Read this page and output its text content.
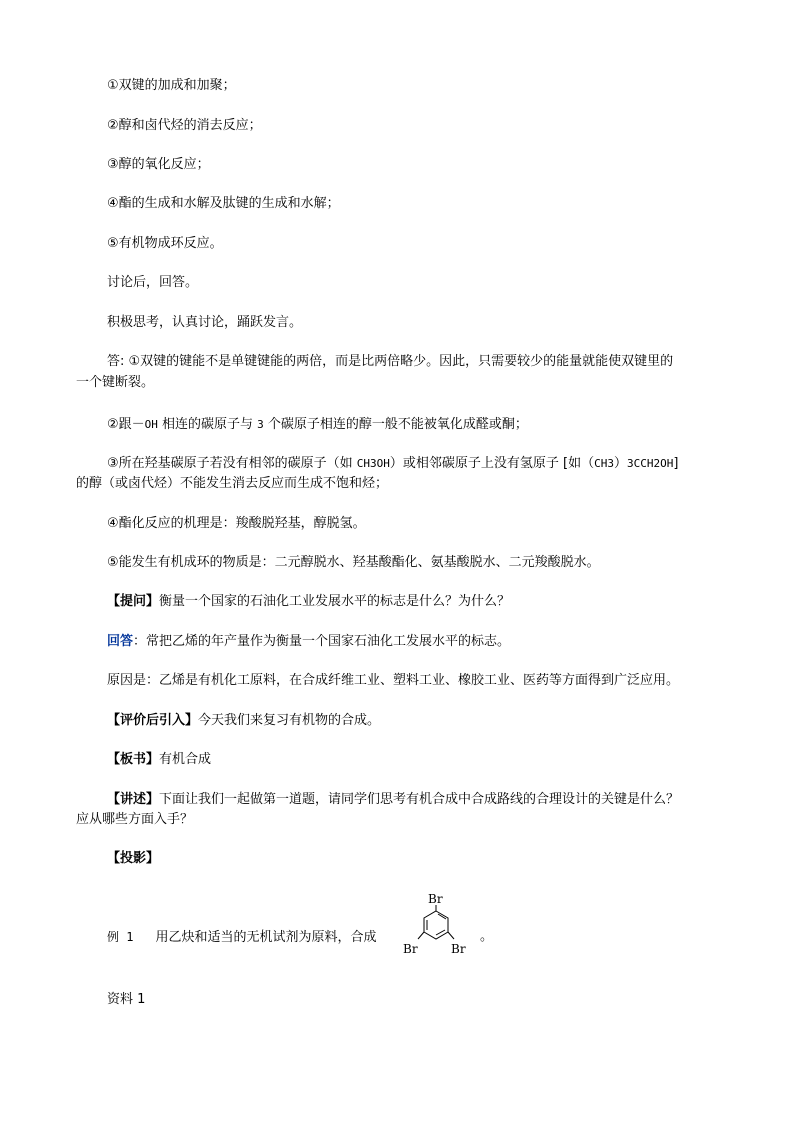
①双键的加成和加聚；
②醇和卤代烃的消去反应；
③醇的氧化反应；
④酯的生成和水解及肽键的生成和水解；
⑤有机物成环反应。
讨论后，回答。
积极思考，认真讨论，踊跃发言。
答: ①双键的键能不是单键键能的两倍，而是比两倍略少。因此，只需要较少的能量就能使双键里的
一个键断裂。
②跟－OH 相连的碳原子与 3 个碳原子相连的醇一般不能被氧化成醛或酮；
③所在羟基碳原子若没有相邻的碳原子（如 CH3OH）或相邻碳原子上没有氢原子 [如（CH3）3CCH2OH]
的醇（或卤代烃）不能发生消去反应而生成不饱和烃；
④酯化反应的机理是：羧酸脱羟基，醇脱氢。
⑤能发生有机成环的物质是：二元醇脱水、羟基酸酯化、氨基酸脱水、二元羧酸脱水。
【提问】衡量一个国家的石油化工业发展水平的标志是什么？为什么？
回答：常把乙烯的年产量作为衡量一个国家石油化工发展水平的标志。
原因是：乙烯是有机化工原料，在合成纤维工业、塑料工业、橡胶工业、医药等方面得到广泛应用。
【评价后引入】今天我们来复习有机物的合成。
【板书】有机合成
【讲述】下面让我们一起做第一道题，请同学们思考有机合成中合成路线的合理设计的关键是什么？
应从哪些方面入手？
【投影】
例 1 用乙炔和适当的无机试剂为原料，合成	。
Br
Br	Br
资料 1
